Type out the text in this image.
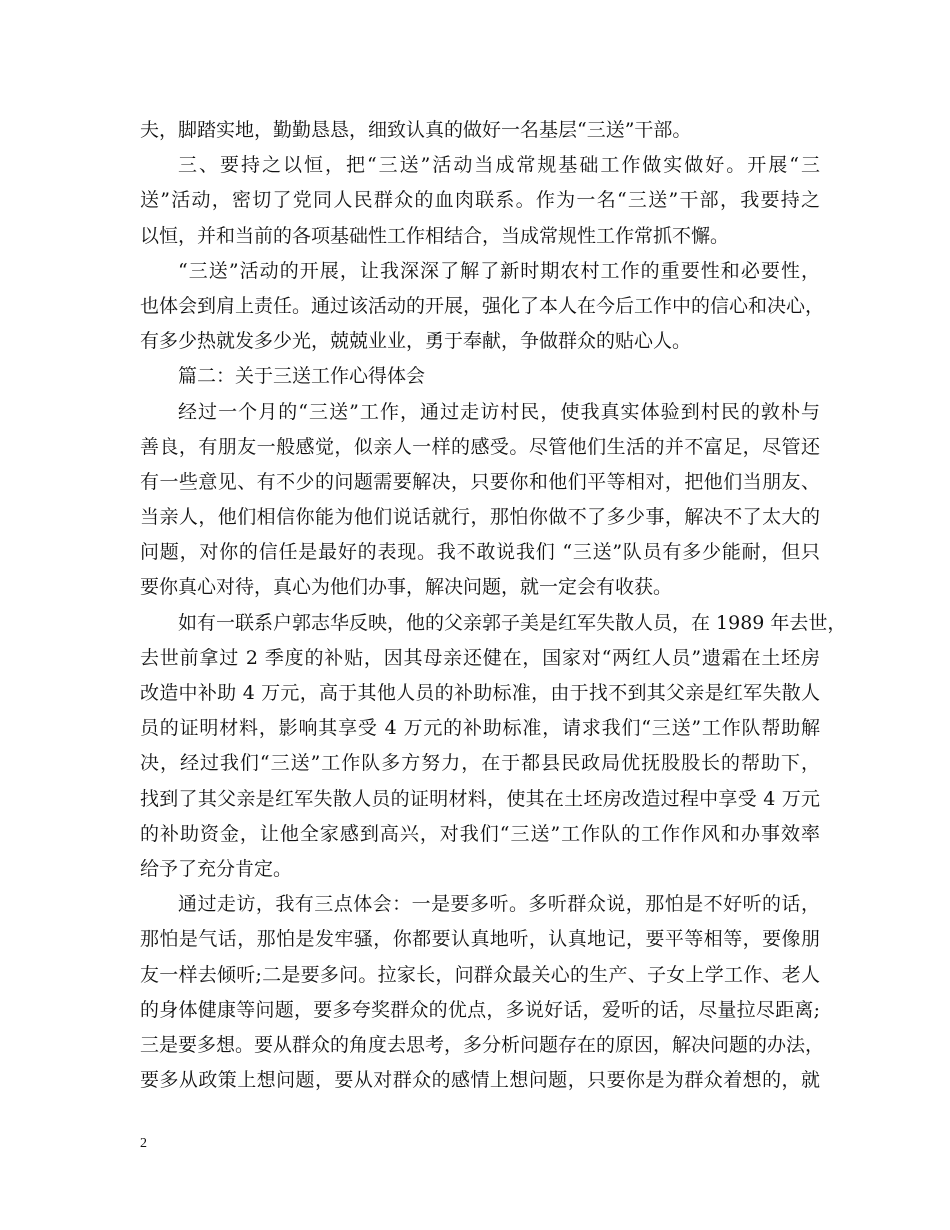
夫，脚踏实地，勤勤恳恳，细致认真的做好一名基层“三送”干部。
三、要持之以恒，把“三送”活动当成常规基础工作做实做好。开展“三
送”活动，密切了党同人民群众的血肉联系。作为一名“三送”干部，我要持之
以恒，并和当前的各项基础性工作相结合，当成常规性工作常抓不懈。
“三送”活动的开展，让我深深了解了新时期农村工作的重要性和必要性，
也体会到肩上责任。通过该活动的开展，强化了本人在今后工作中的信心和决心，
有多少热就发多少光，兢兢业业，勇于奉献，争做群众的贴心人。
篇二：关于三送工作心得体会
经过一个月的“三送”工作，通过走访村民，使我真实体验到村民的敦朴与
善良，有朋友一般感觉，似亲人一样的感受。尽管他们生活的并不富足，尽管还
有一些意见、有不少的问题需要解决，只要你和他们平等相对，把他们当朋友、
当亲人，他们相信你能为他们说话就行，那怕你做不了多少事，解决不了太大的
问题，对你的信任是最好的表现。我不敢说我们 “三送”队员有多少能耐，但只
要你真心对待，真心为他们办事，解决问题，就一定会有收获。
如有一联系户郭志华反映，他的父亲郭子美是红军失散人员，在 1989 年去世，
去世前拿过 2 季度的补贴，因其母亲还健在，国家对“两红人员”遗霜在土坯房
改造中补助 4 万元，高于其他人员的补助标准，由于找不到其父亲是红军失散人
员的证明材料，影响其享受 4 万元的补助标准，请求我们“三送”工作队帮助解
决，经过我们“三送”工作队多方努力，在于都县民政局优抚股股长的帮助下，
找到了其父亲是红军失散人员的证明材料，使其在土坯房改造过程中享受 4 万元
的补助资金，让他全家感到高兴，对我们“三送”工作队的工作作风和办事效率
给予了充分肯定。
通过走访，我有三点体会：一是要多听。多听群众说，那怕是不好听的话，
那怕是气话，那怕是发牢骚，你都要认真地听，认真地记，要平等相等，要像朋
友一样去倾听;二是要多问。拉家长，问群众最关心的生产、子女上学工作、老人
的身体健康等问题，要多夸奖群众的优点，多说好话，爱听的话，尽量拉尽距离;
三是要多想。要从群众的角度去思考，多分析问题存在的原因，解决问题的办法，
要多从政策上想问题，要从对群众的感情上想问题，只要你是为群众着想的，就
2
